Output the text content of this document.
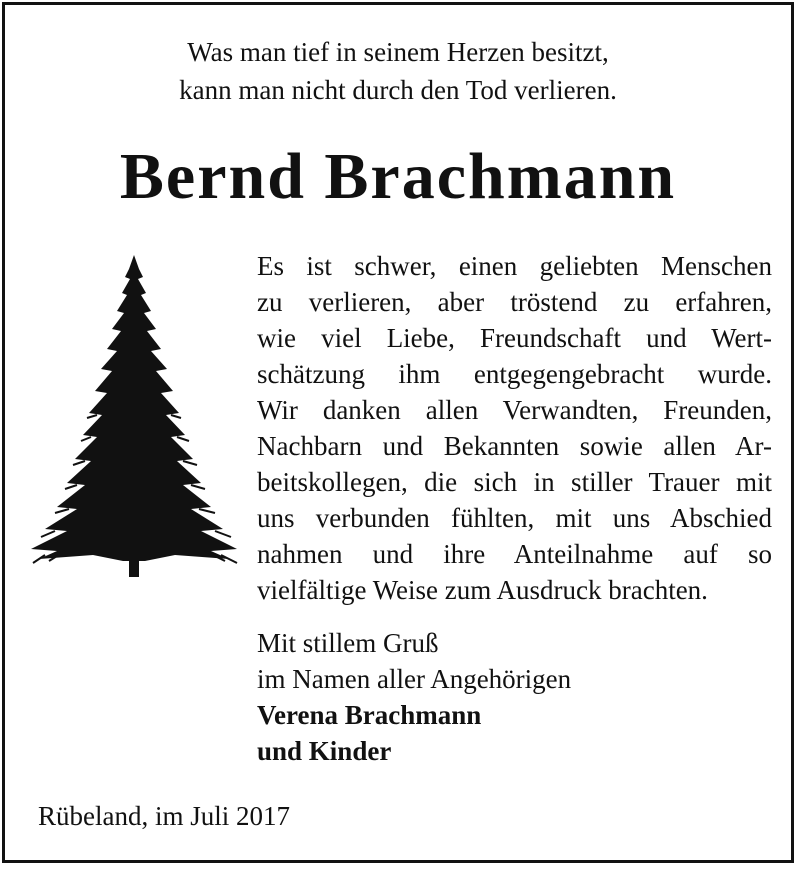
Was man tief in seinem Herzen besitzt,
kann man nicht durch den Tod verlieren.
Bernd Brachmann
Es ist schwer, einen geliebten Menschen
zu verlieren, aber tröstend zu erfahren,
wie viel Liebe, Freundschaft und Wert-
schätzung ihm entgegengebracht wurde.
Wir danken allen Verwandten, Freunden,
Nachbarn und Bekannten sowie allen Ar-
beitskollegen, die sich in stiller Trauer mit
uns verbunden fühlten, mit uns Abschied
nahmen und ihre Anteilnahme auf so
vielfältige Weise zum Ausdruck brachten.
Mit stillem Gruß
im Namen aller Angehörigen
Verena Brachmann
und Kinder
Rübeland, im Juli 2017
